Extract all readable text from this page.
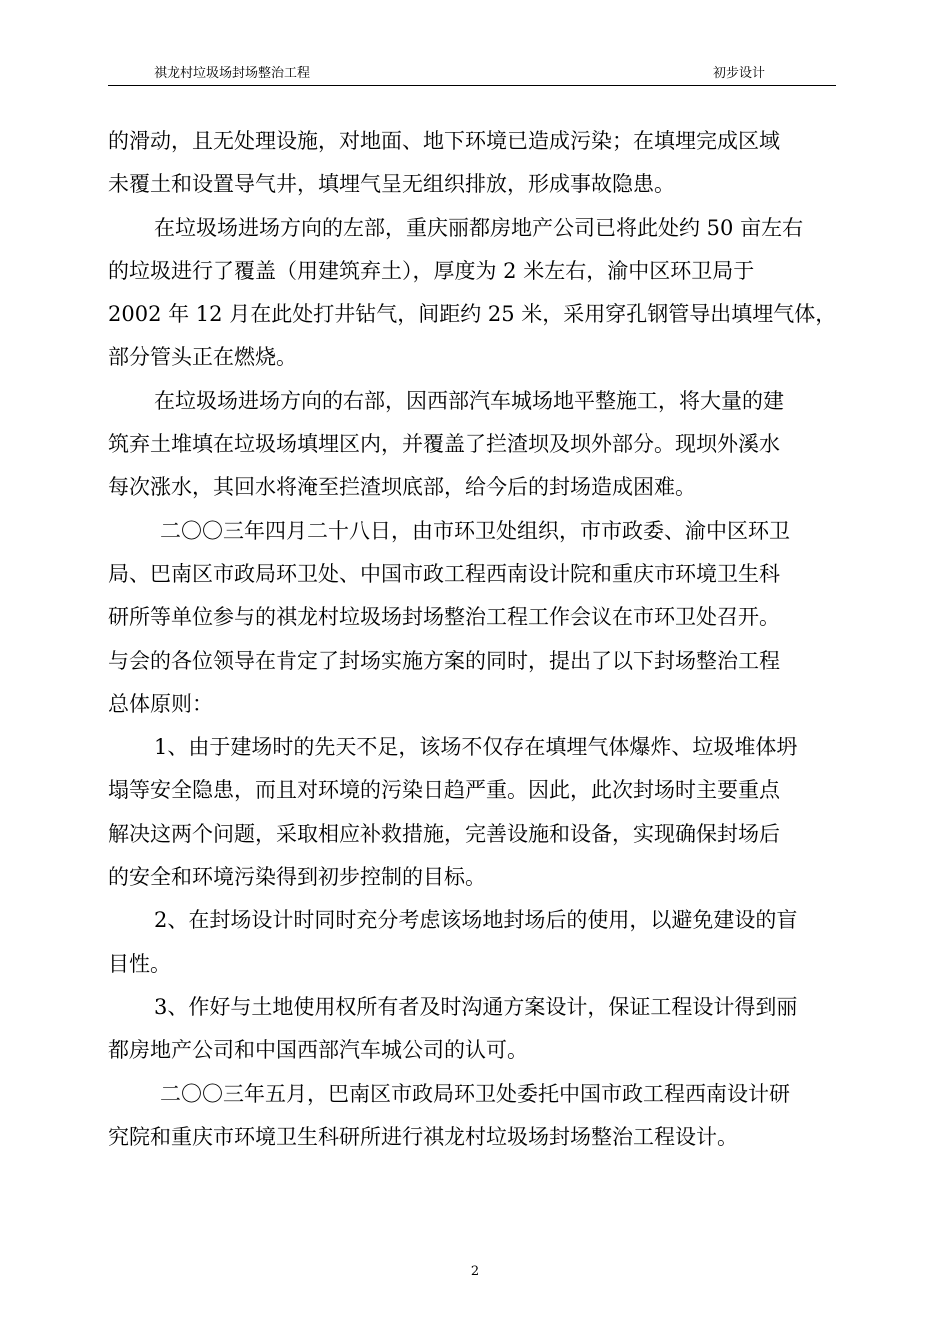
祺龙村垃圾场封场整治工程	初步设计
的滑动，且无处理设施，对地面、地下环境已造成污染；在填埋完成区域
未覆土和设置导气井，填埋气呈无组织排放，形成事故隐患。
在垃圾场进场方向的左部，重庆丽都房地产公司已将此处约 50 亩左右
的垃圾进行了覆盖（用建筑弃土），厚度为 2 米左右，渝中区环卫局于
2002 年 12 月在此处打井钻气，间距约 25 米，采用穿孔钢管导出填埋气体，
部分管头正在燃烧。
在垃圾场进场方向的右部，因西部汽车城场地平整施工，将大量的建
筑弃土堆填在垃圾场填埋区内，并覆盖了拦渣坝及坝外部分。现坝外溪水
每次涨水，其回水将淹至拦渣坝底部，给今后的封场造成困难。
二〇〇三年四月二十八日，由市环卫处组织，市市政委、渝中区环卫
局、巴南区市政局环卫处、中国市政工程西南设计院和重庆市环境卫生科
研所等单位参与的祺龙村垃圾场封场整治工程工作会议在市环卫处召开。
与会的各位领导在肯定了封场实施方案的同时，提出了以下封场整治工程
总体原则：
1、由于建场时的先天不足，该场不仅存在填埋气体爆炸、垃圾堆体坍
塌等安全隐患，而且对环境的污染日趋严重。因此，此次封场时主要重点
解决这两个问题，采取相应补救措施，完善设施和设备，实现确保封场后
的安全和环境污染得到初步控制的目标。
2、在封场设计时同时充分考虑该场地封场后的使用，以避免建设的盲
目性。
3、作好与土地使用权所有者及时沟通方案设计，保证工程设计得到丽
都房地产公司和中国西部汽车城公司的认可。
二〇〇三年五月，巴南区市政局环卫处委托中国市政工程西南设计研
究院和重庆市环境卫生科研所进行祺龙村垃圾场封场整治工程设计。
2
